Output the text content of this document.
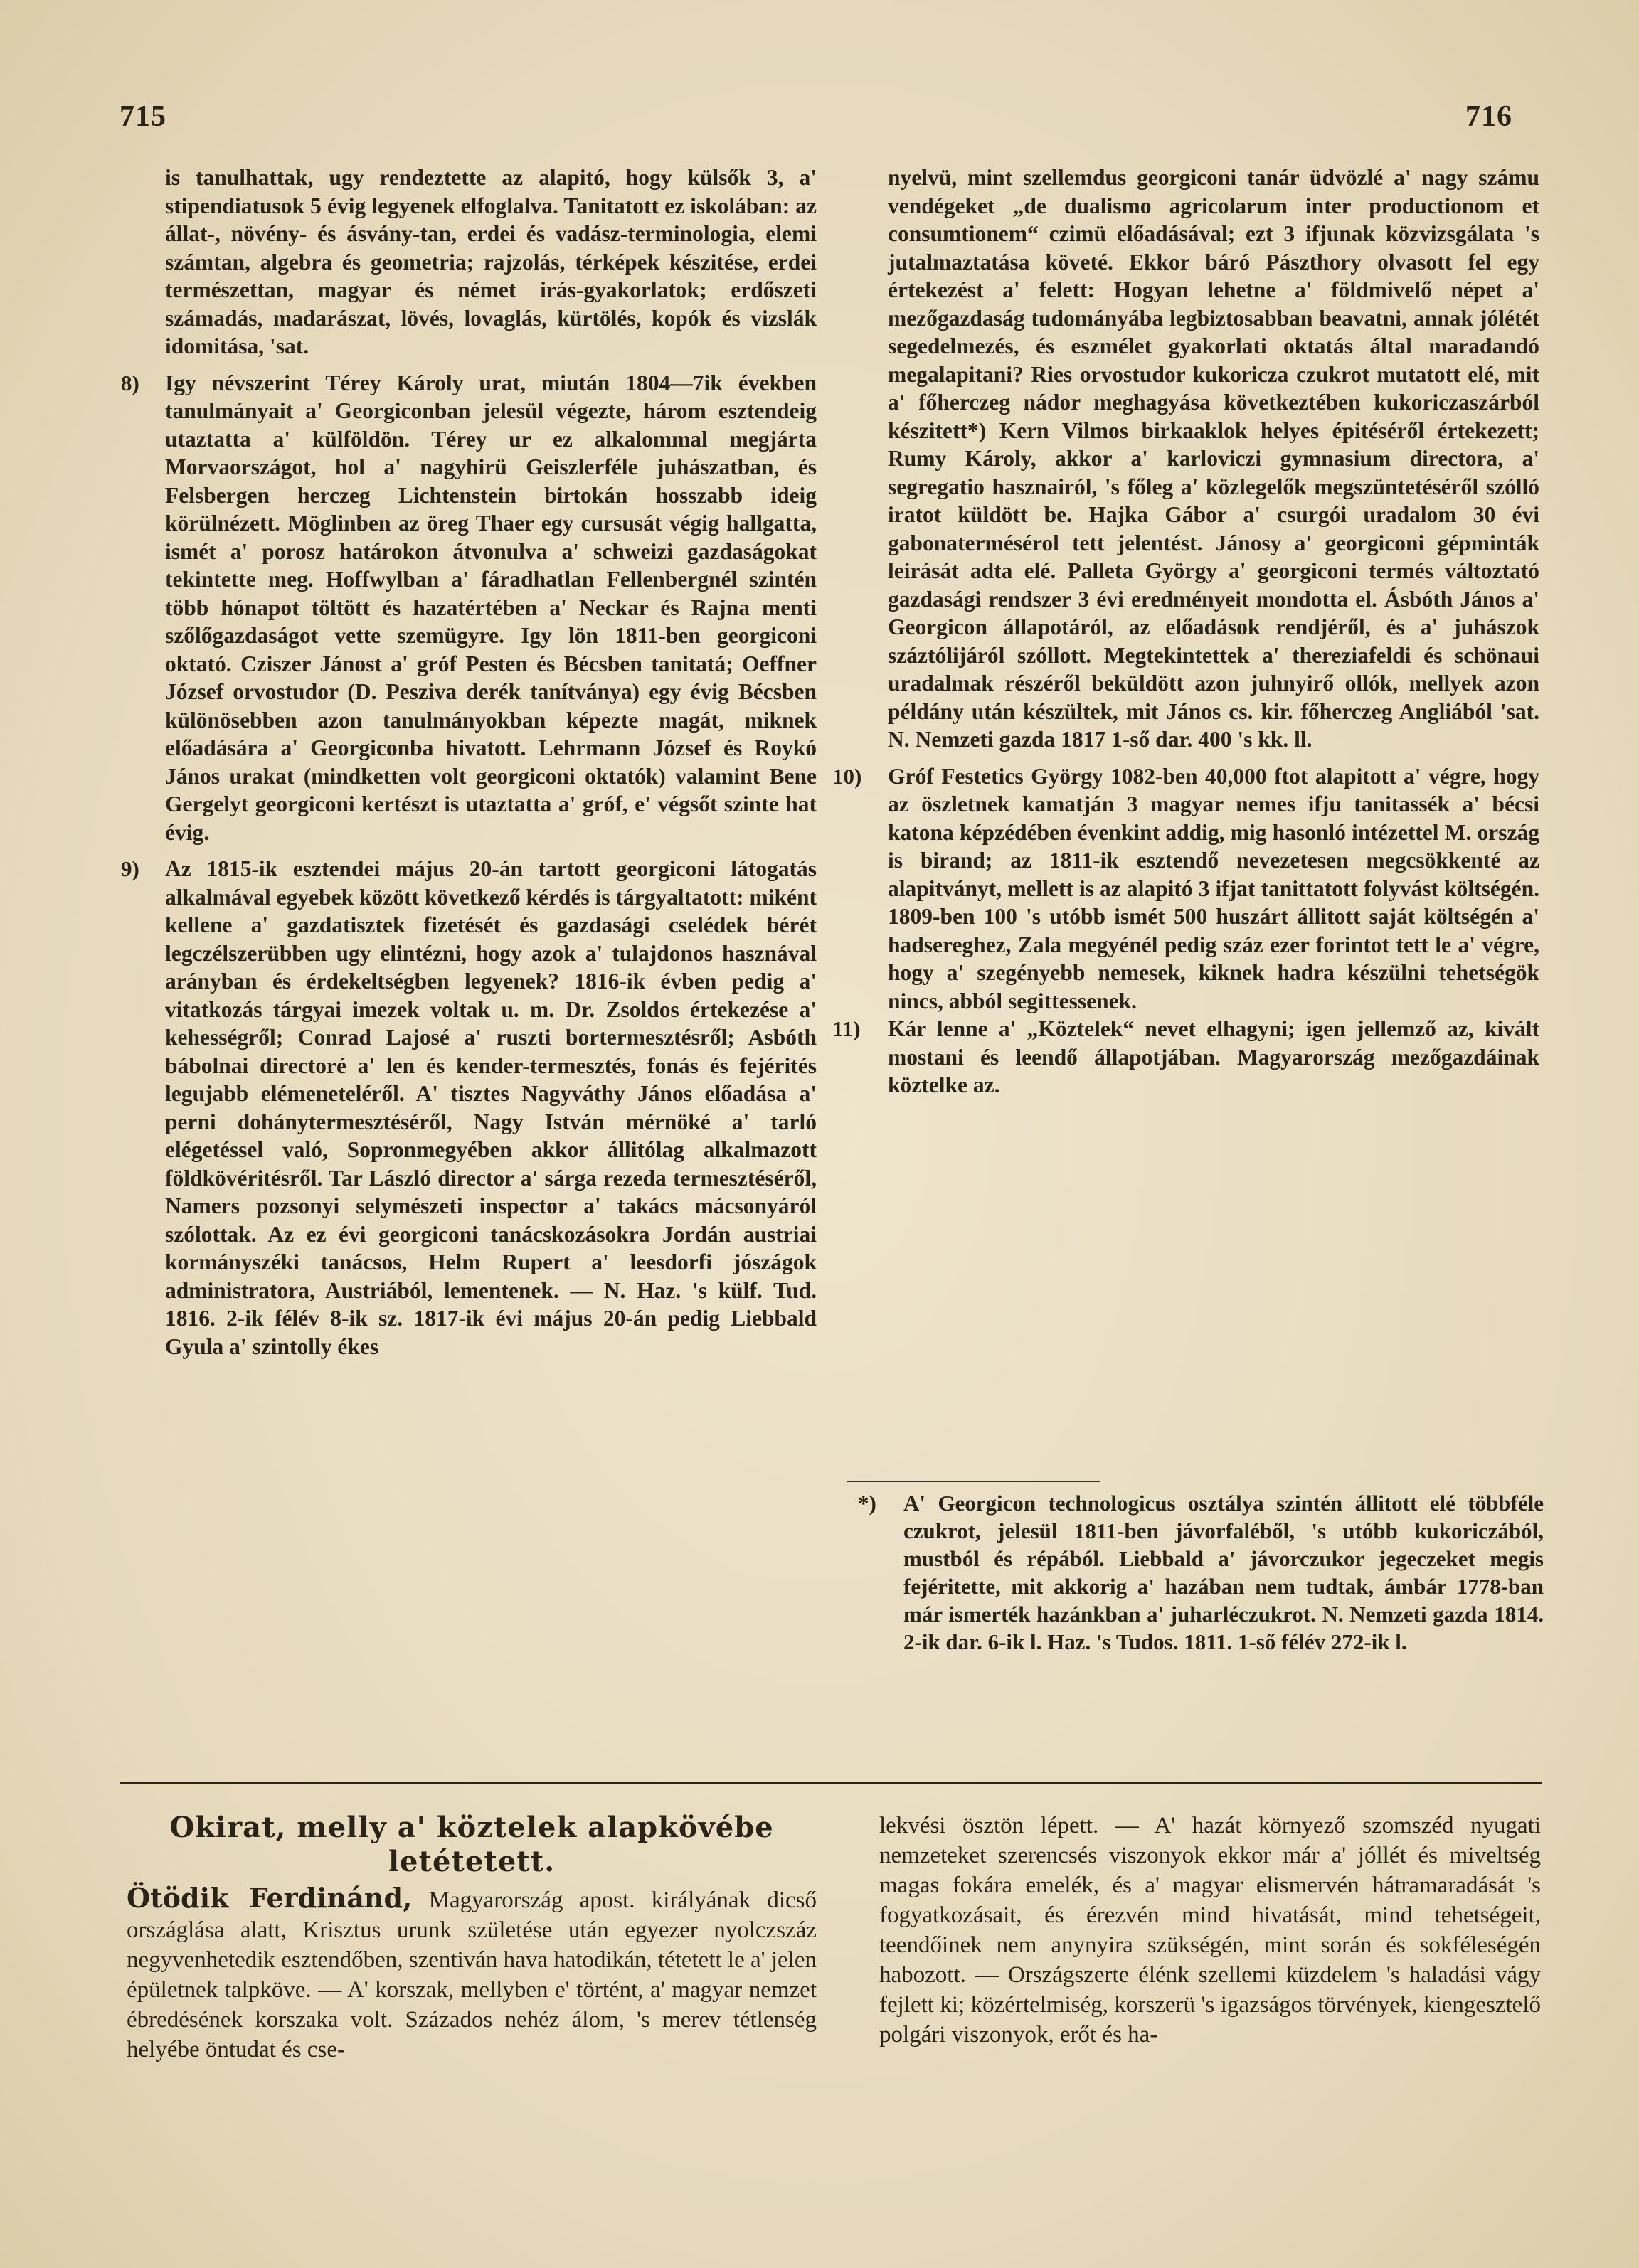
715	716

is tanulhattak, ugy rendeztette az alapitó, hogy külsők 3, a' stipendiatusok 5 évig legyenek elfoglalva. Tanitatott ez iskolában: az állat-, növény- és ásvány-tan, erdei és vadász-terminologia, elemi számtan, algebra és geometria; rajzolás, térképek készitése, erdei természettan, magyar és német irás-gyakorlatok; erdőszeti számadás, madarászat, lövés, lovaglás, kürtölés, kopók és vizslák idomitása, 'sat.

8) Igy névszerint Térey Károly urat, miután 1804—7ik években tanulmányait a' Georgiconban jelesül végezte, három esztendeig utaztatta a' külföldön. Térey ur ez alkalommal megjárta Morvaországot, hol a' nagyhirü Geiszlerféle juhászatban, és Felsbergen herczeg Lichtenstein birtokán hosszabb ideig körülnézett. Möglinben az öreg Thaer egy cursusát végig hallgatta, ismét a' porosz határokon átvonulva a' schweizi gazdaságokat tekintette meg. Hoffwylban a' fáradhatlan Fellenbergnél szintén több hónapot töltött és hazatértében a' Neckar és Rajna menti szőlőgazdaságot vette szemügyre. Igy lön 1811-ben georgiconi oktató. Cziszer Jánost a' gróf Pesten és Bécsben tanitatá; Oeffner József orvostudor (D. Pesziva derék tanítványa) egy évig Bécsben különösebben azon tanulmányokban képezte magát, miknek előadására a' Georgiconba hivatott. Lehrmann József és Roykó János urakat (mindketten volt georgiconi oktatók) valamint Bene Gergelyt georgiconi kertészt is utaztatta a' gróf, e' végsőt szinte hat évig.

9) Az 1815-ik esztendei május 20-án tartott georgiconi látogatás alkalmával egyebek között következő kérdés is tárgyaltatott: miként kellene a' gazdatisztek fizetését és gazdasági cselédek bérét legczélszerübben ugy elintézni, hogy azok a' tulajdonos hasznával arányban és érdekeltségben legyenek? 1816-ik évben pedig a' vitatkozás tárgyai imezek voltak u. m. Dr. Zsoldos értekezése a' kehességről; Conrad Lajosé a' ruszti bortermesztésről; Asbóth bábolnai directoré a' len és kender-termesztés, fonás és fejérités legujabb elémeneteléről. A' tisztes Nagyváthy János előadása a' perni dohánytermesztéséről, Nagy István mérnöké a' tarló elégetéssel való, Sopronmegyében akkor állitólag alkalmazott földkövéritésről. Tar László director a' sárga rezeda termesztéséről, Namers pozsonyi selymészeti inspector a' takács mácsonyáról szólottak. Az ez évi georgiconi tanácskozásokra Jordán austriai kormányszéki tanácsos, Helm Rupert a' leesdorfi jószágok administratora, Austriából, lementenek. — N. Haz. 's külf. Tud. 1816. 2-ik félév 8-ik sz. 1817-ik évi május 20-án pedig Liebbald Gyula a' szintolly ékes

nyelvü, mint szellemdus georgiconi tanár üdvözlé a' nagy számu vendégeket „de dualismo agricolarum inter productionom et consumtionem“ czimü előadásával; ezt 3 ifjunak közvizsgálata 's jutalmaztatása követé. Ekkor báró Pászthory olvasott fel egy értekezést a' felett: Hogyan lehetne a' földmivelő népet a' mezőgazdaság tudományába legbiztosabban beavatni, annak jólétét segedelmezés, és eszmélet gyakorlati oktatás által maradandó megalapitani? Ries orvostudor kukoricza czukrot mutatott elé, mit a' főherczeg nádor meghagyása következtében kukoriczaszárból készitett*) Kern Vilmos birkaaklok helyes épitéséről értekezett; Rumy Károly, akkor a' karloviczi gymnasium directora, a' segregatio hasznairól, 's főleg a' közlegelők megszüntetéséről szólló iratot küldött be. Hajka Gábor a' csurgói uradalom 30 évi gabonatermésérol tett jelentést. Jánosy a' georgiconi gépminták leirását adta elé. Palleta György a' georgiconi termés változtató gazdasági rendszer 3 évi eredményeit mondotta el. Ásbóth János a' Georgicon állapotáról, az előadások rendjéről, és a' juhászok száztólijáról szóllott. Megtekintettek a' thereziafeldi és schönaui uradalmak részéről beküldött azon juhnyirő ollók, mellyek azon példány után készültek, mit János cs. kir. főherczeg Angliából 'sat. N. Nemzeti gazda 1817 1-ső dar. 400 's kk. ll.

10) Gróf Festetics György 1082-ben 40,000 ftot alapitott a' végre, hogy az öszletnek kamatján 3 magyar nemes ifju tanitassék a' bécsi katona képzédében évenkint addig, mig hasonló intézettel M. ország is birand; az 1811-ik esztendő nevezetesen megcsökkenté az alapitványt, mellett is az alapitó 3 ifjat tanittatott folyvást költségén. 1809-ben 100 's utóbb ismét 500 huszárt állitott saját költségén a' hadsereghez, Zala megyénél pedig száz ezer forintot tett le a' végre, hogy a' szegényebb nemesek, kiknek hadra készülni tehetségök nincs, abból segittessenek.

11) Kár lenne a' „Köztelek“ nevet elhagyni; igen jellemző az, kivált mostani és leendő állapotjában. Magyarország mezőgazdáinak köztelke az.

*) A' Georgicon technologicus osztálya szintén állitott elé többféle czukrot, jelesül 1811-ben jávorfaléből, 's utóbb kukoriczából, mustból és répából. Liebbald a' jávorczukor jegeczeket megis fejéritette, mit akkorig a' hazában nem tudtak, ámbár 1778-ban már ismerték hazánkban a' juharléczukrot. N. Nemzeti gazda 1814. 2-ik dar. 6-ik l. Haz. 's Tudos. 1811. 1-ső félév 272-ik l.

Okirat, melly a' köztelek alapkövébe letétetett.

Ötödik Ferdinánd, Magyarország apost. királyának dicső országlása alatt, Krisztus urunk születése után egyezer nyolczszáz negyvenhetedik esztendőben, szentiván hava hatodikán, tétetett le a' jelen épületnek talpköve. — A' korszak, mellyben e' történt, a' magyar nemzet ébredésének korszaka volt. Százados nehéz álom, 's merev tétlenség helyébe öntudat és cse-

lekvési ösztön lépett. — A' hazát környező szomszéd nyugati nemzeteket szerencsés viszonyok ekkor már a' jóllét és miveltség magas fokára emelék, és a' magyar elismervén hátramaradását 's fogyatkozásait, és érezvén mind hivatását, mind tehetségeit, teendőinek nem anynyira szükségén, mint során és sokféleségén habozott. — Országszerte élénk szellemi küzdelem 's haladási vágy fejlett ki; közértelmiség, korszerü 's igazságos törvények, kiengesztelő polgári viszonyok, erőt és ha-
